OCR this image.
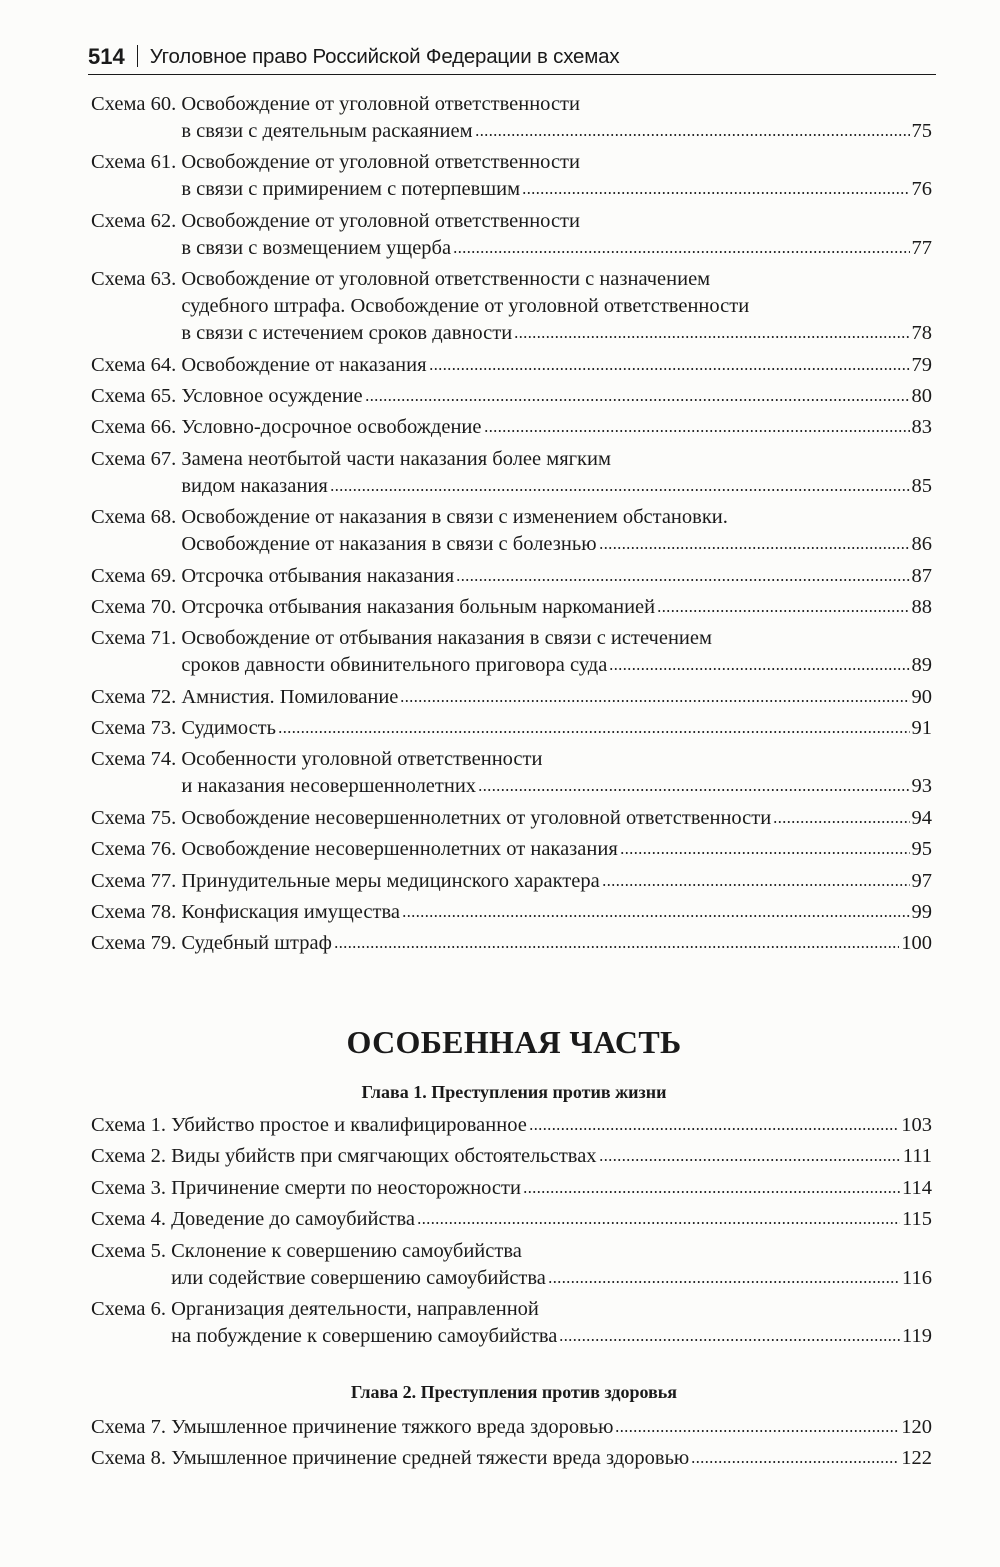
514 Уголовное право Российской Федерации в схемах
Схема 60.
Освобождение от уголовной ответственности
в связи с деятельным раскаянием	75
Схема 61.
Освобождение от уголовной ответственности
в связи с примирением с потерпевшим	76
Схема 62.
Освобождение от уголовной ответственности
в связи с возмещением ущерба	77
Схема 63.
Освобождение от уголовной ответственности с назначением
судебного штрафа. Освобождение от уголовной ответственности
в связи с истечением сроков давности	78
Схема 64.
Освобождение от наказания	79
Схема 65.
Условное осуждение	80
Схема 66.
Условно-досрочное освобождение	83
Схема 67.
Замена неотбытой части наказания более мягким
видом наказания	85
Схема 68.
Освобождение от наказания в связи с изменением обстановки.
Освобождение от наказания в связи с болезнью	86
Схема 69.
Отсрочка отбывания наказания	87
Схема 70.
Отсрочка отбывания наказания больным наркоманией	88
Схема 71.
Освобождение от отбывания наказания в связи с истечением
сроков давности обвинительного приговора суда	89
Схема 72.
Амнистия. Помилование	90
Схема 73.
Судимость	91
Схема 74.
Особенности уголовной ответственности
и наказания несовершеннолетних	93
Схема 75.
Освобождение несовершеннолетних от уголовной ответственности	94
Схема 76.
Освобождение несовершеннолетних от наказания	95
Схема 77.
Принудительные меры медицинского характера	97
Схема 78.
Конфискация имущества	99
Схема 79.
Судебный штраф	100
ОСОБЕННАЯ ЧАСТЬ
Глава 1. Преступления против жизни
Схема 1.
Убийство простое и квалифицированное	103
Схема 2.
Виды убийств при смягчающих обстоятельствах	111
Схема 3.
Причинение смерти по неосторожности	114
Схема 4.
Доведение до самоубийства	115
Схема 5.
Склонение к совершению самоубийства
или содействие совершению самоубийства	116
Схема 6.
Организация деятельности, направленной
на побуждение к совершению самоубийства	119
Глава 2. Преступления против здоровья
Схема 7.
Умышленное причинение тяжкого вреда здоровью	120
Схема 8.
Умышленное причинение средней тяжести вреда здоровью	122
